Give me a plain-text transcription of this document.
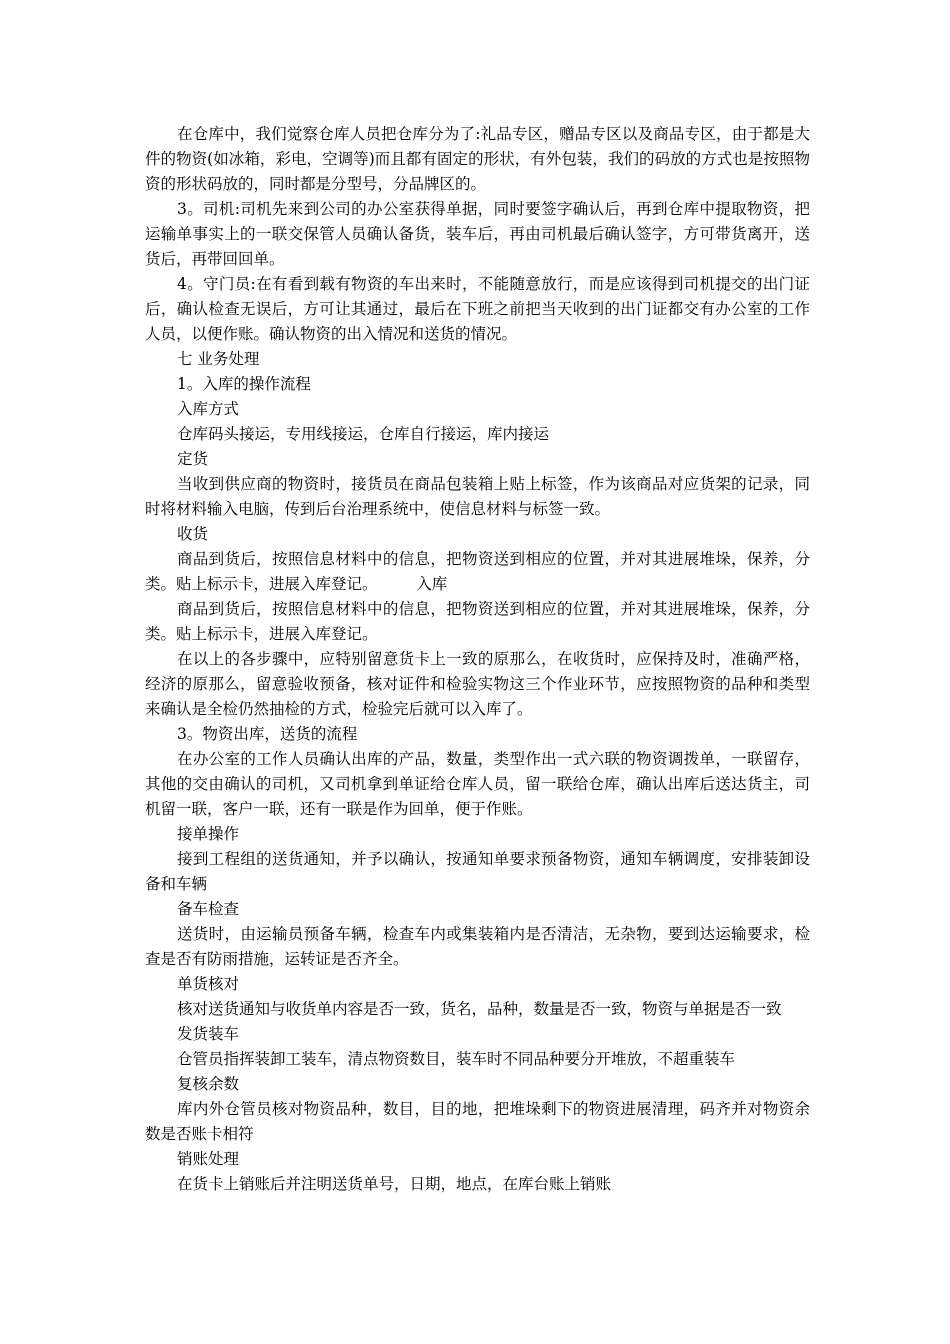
在仓库中，我们觉察仓库人员把仓库分为了:礼品专区，赠品专区以及商品专区，由于都是大件的物资(如冰箱，彩电，空调等)而且都有固定的形状，有外包装，我们的码放的方式也是按照物资的形状码放的，同时都是分型号，分品牌区的。

3。司机:司机先来到公司的办公室获得单据，同时要签字确认后，再到仓库中提取物资，把运输单事实上的一联交保管人员确认备货，装车后，再由司机最后确认签字，方可带货离开，送货后，再带回回单。

4。守门员:在有看到载有物资的车出来时，不能随意放行，而是应该得到司机提交的出门证后，确认检查无误后，方可让其通过，最后在下班之前把当天收到的出门证都交有办公室的工作人员，以便作账。确认物资的出入情况和送货的情况。

七 业务处理

1。入库的操作流程

入库方式

仓库码头接运，专用线接运，仓库自行接运，库内接运

定货

当收到供应商的物资时，接货员在商品包装箱上贴上标签，作为该商品对应货架的记录，同时将材料输入电脑，传到后台治理系统中，使信息材料与标签一致。

收货

商品到货后，按照信息材料中的信息，把物资送到相应的位置，并对其进展堆垛，保养，分类。贴上标示卡，进展入库登记。　　　入库

商品到货后，按照信息材料中的信息，把物资送到相应的位置，并对其进展堆垛，保养，分类。贴上标示卡，进展入库登记。

在以上的各步骤中，应特别留意货卡上一致的原那么，在收货时，应保持及时，准确严格，经济的原那么，留意验收预备，核对证件和检验实物这三个作业环节，应按照物资的品种和类型来确认是全检仍然抽检的方式，检验完后就可以入库了。

3。物资出库，送货的流程

在办公室的工作人员确认出库的产品，数量，类型作出一式六联的物资调拨单，一联留存，其他的交由确认的司机，又司机拿到单证给仓库人员，留一联给仓库，确认出库后送达货主，司机留一联，客户一联，还有一联是作为回单，便于作账。

接单操作

接到工程组的送货通知，并予以确认，按通知单要求预备物资，通知车辆调度，安排装卸设备和车辆

备车检查

送货时，由运输员预备车辆，检查车内或集装箱内是否清洁，无杂物，要到达运输要求，检查是否有防雨措施，运转证是否齐全。

单货核对

核对送货通知与收货单内容是否一致，货名，品种，数量是否一致，物资与单据是否一致

发货装车

仓管员指挥装卸工装车，清点物资数目，装车时不同品种要分开堆放，不超重装车

复核余数

库内外仓管员核对物资品种，数目，目的地，把堆垛剩下的物资进展清理，码齐并对物资余数是否账卡相符

销账处理

在货卡上销账后并注明送货单号，日期，地点，在库台账上销账
